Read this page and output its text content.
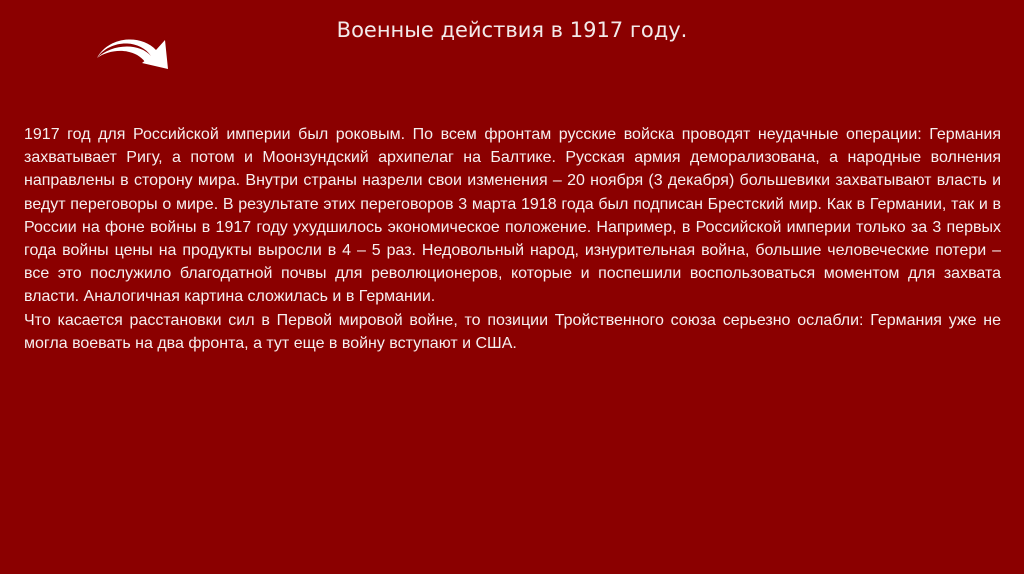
Военные действия в 1917 году.

1917 год для Российской империи был роковым. По всем фронтам русские войска проводят неудачные операции: Германия захватывает Ригу, а потом и Моонзундский архипелаг на Балтике. Русская армия деморализована, а народные волнения направлены в сторону мира. Внутри страны назрели свои изменения – 20 ноября (3 декабря) большевики захватывают власть и ведут переговоры о мире. В результате этих переговоров 3 марта 1918 года был подписан Брестский мир. Как в Германии, так и в России на фоне войны в 1917 году ухудшилось экономическое положение. Например, в Российской империи только за 3 первых года войны цены на продукты выросли в 4 – 5 раз. Недовольный народ, изнурительная война, большие человеческие потери – все это послужило благодатной почвы для революционеров, которые и поспешили воспользоваться моментом для захвата власти. Аналогичная картина сложилась и в Германии.

Что касается расстановки сил в Первой мировой войне, то позиции Тройственного союза серьезно ослабли: Германия уже не могла воевать на два фронта, а тут еще в войну вступают и США.
